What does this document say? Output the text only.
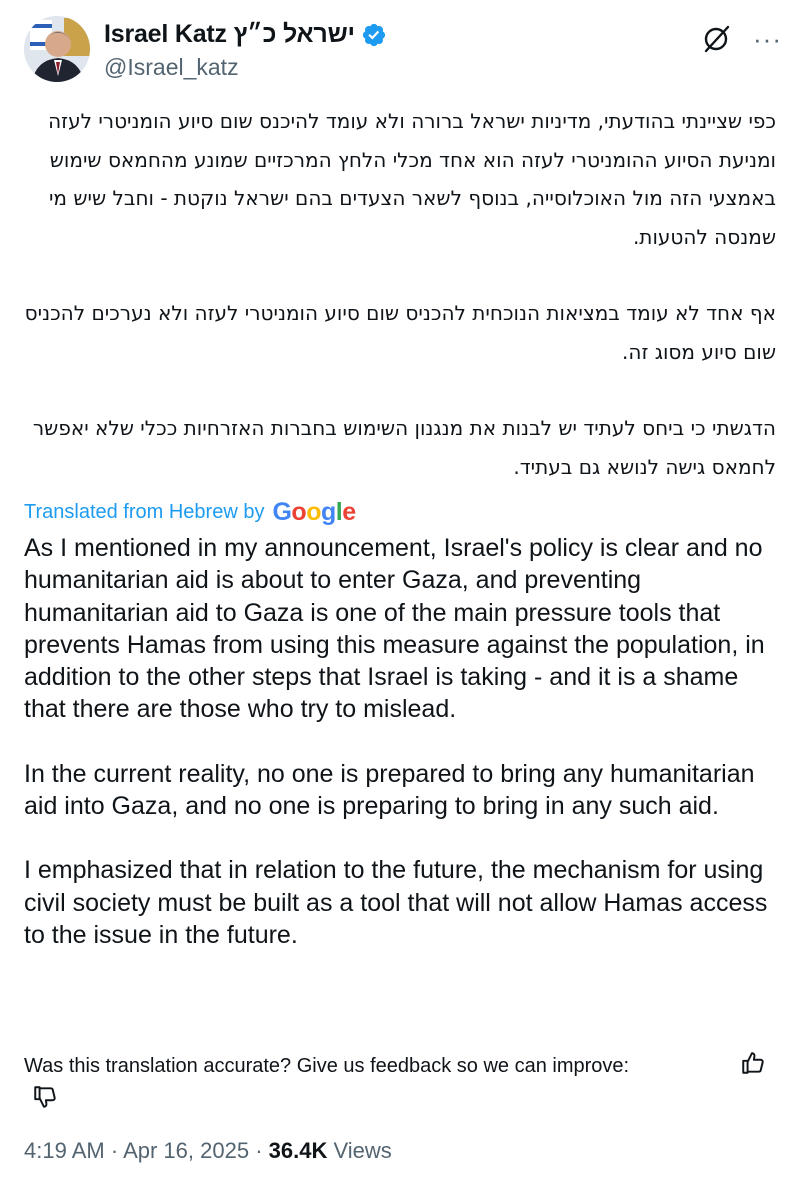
Israel Katz ישראל כ״ץ
@Israel_katz
···

כפי שציינתי בהודעתי, מדיניות ישראל ברורה ולא עומד להיכנס שום סיוע הומניטרי לעזה ומניעת הסיוע ההומניטרי לעזה הוא אחד מכלי הלחץ המרכזיים שמונע מהחמאס שימוש באמצעי הזה מול האוכלוסייה, בנוסף לשאר הצעדים בהם ישראל נוקטת - וחבל שיש מי שמנסה להטעות.

אף אחד לא עומד במציאות הנוכחית להכניס שום סיוע הומניטרי לעזה ולא נערכים להכניס שום סיוע מסוג זה.

הדגשתי כי ביחס לעתיד יש לבנות את מנגנון השימוש בחברות האזרחיות ככלי שלא יאפשר לחמאס גישה לנושא גם בעתיד.

Translated from Hebrew by Google

As I mentioned in my announcement, Israel's policy is clear and no humanitarian aid is about to enter Gaza, and preventing humanitarian aid to Gaza is one of the main pressure tools that prevents Hamas from using this measure against the population, in addition to the other steps that Israel is taking - and it is a shame that there are those who try to mislead.

In the current reality, no one is prepared to bring any humanitarian aid into Gaza, and no one is preparing to bring in any such aid.

I emphasized that in relation to the future, the mechanism for using civil society must be built as a tool that will not allow Hamas access to the issue in the future.

Was this translation accurate? Give us feedback so we can improve:
4:19 AM · Apr 16, 2025 · 36.4K Views
